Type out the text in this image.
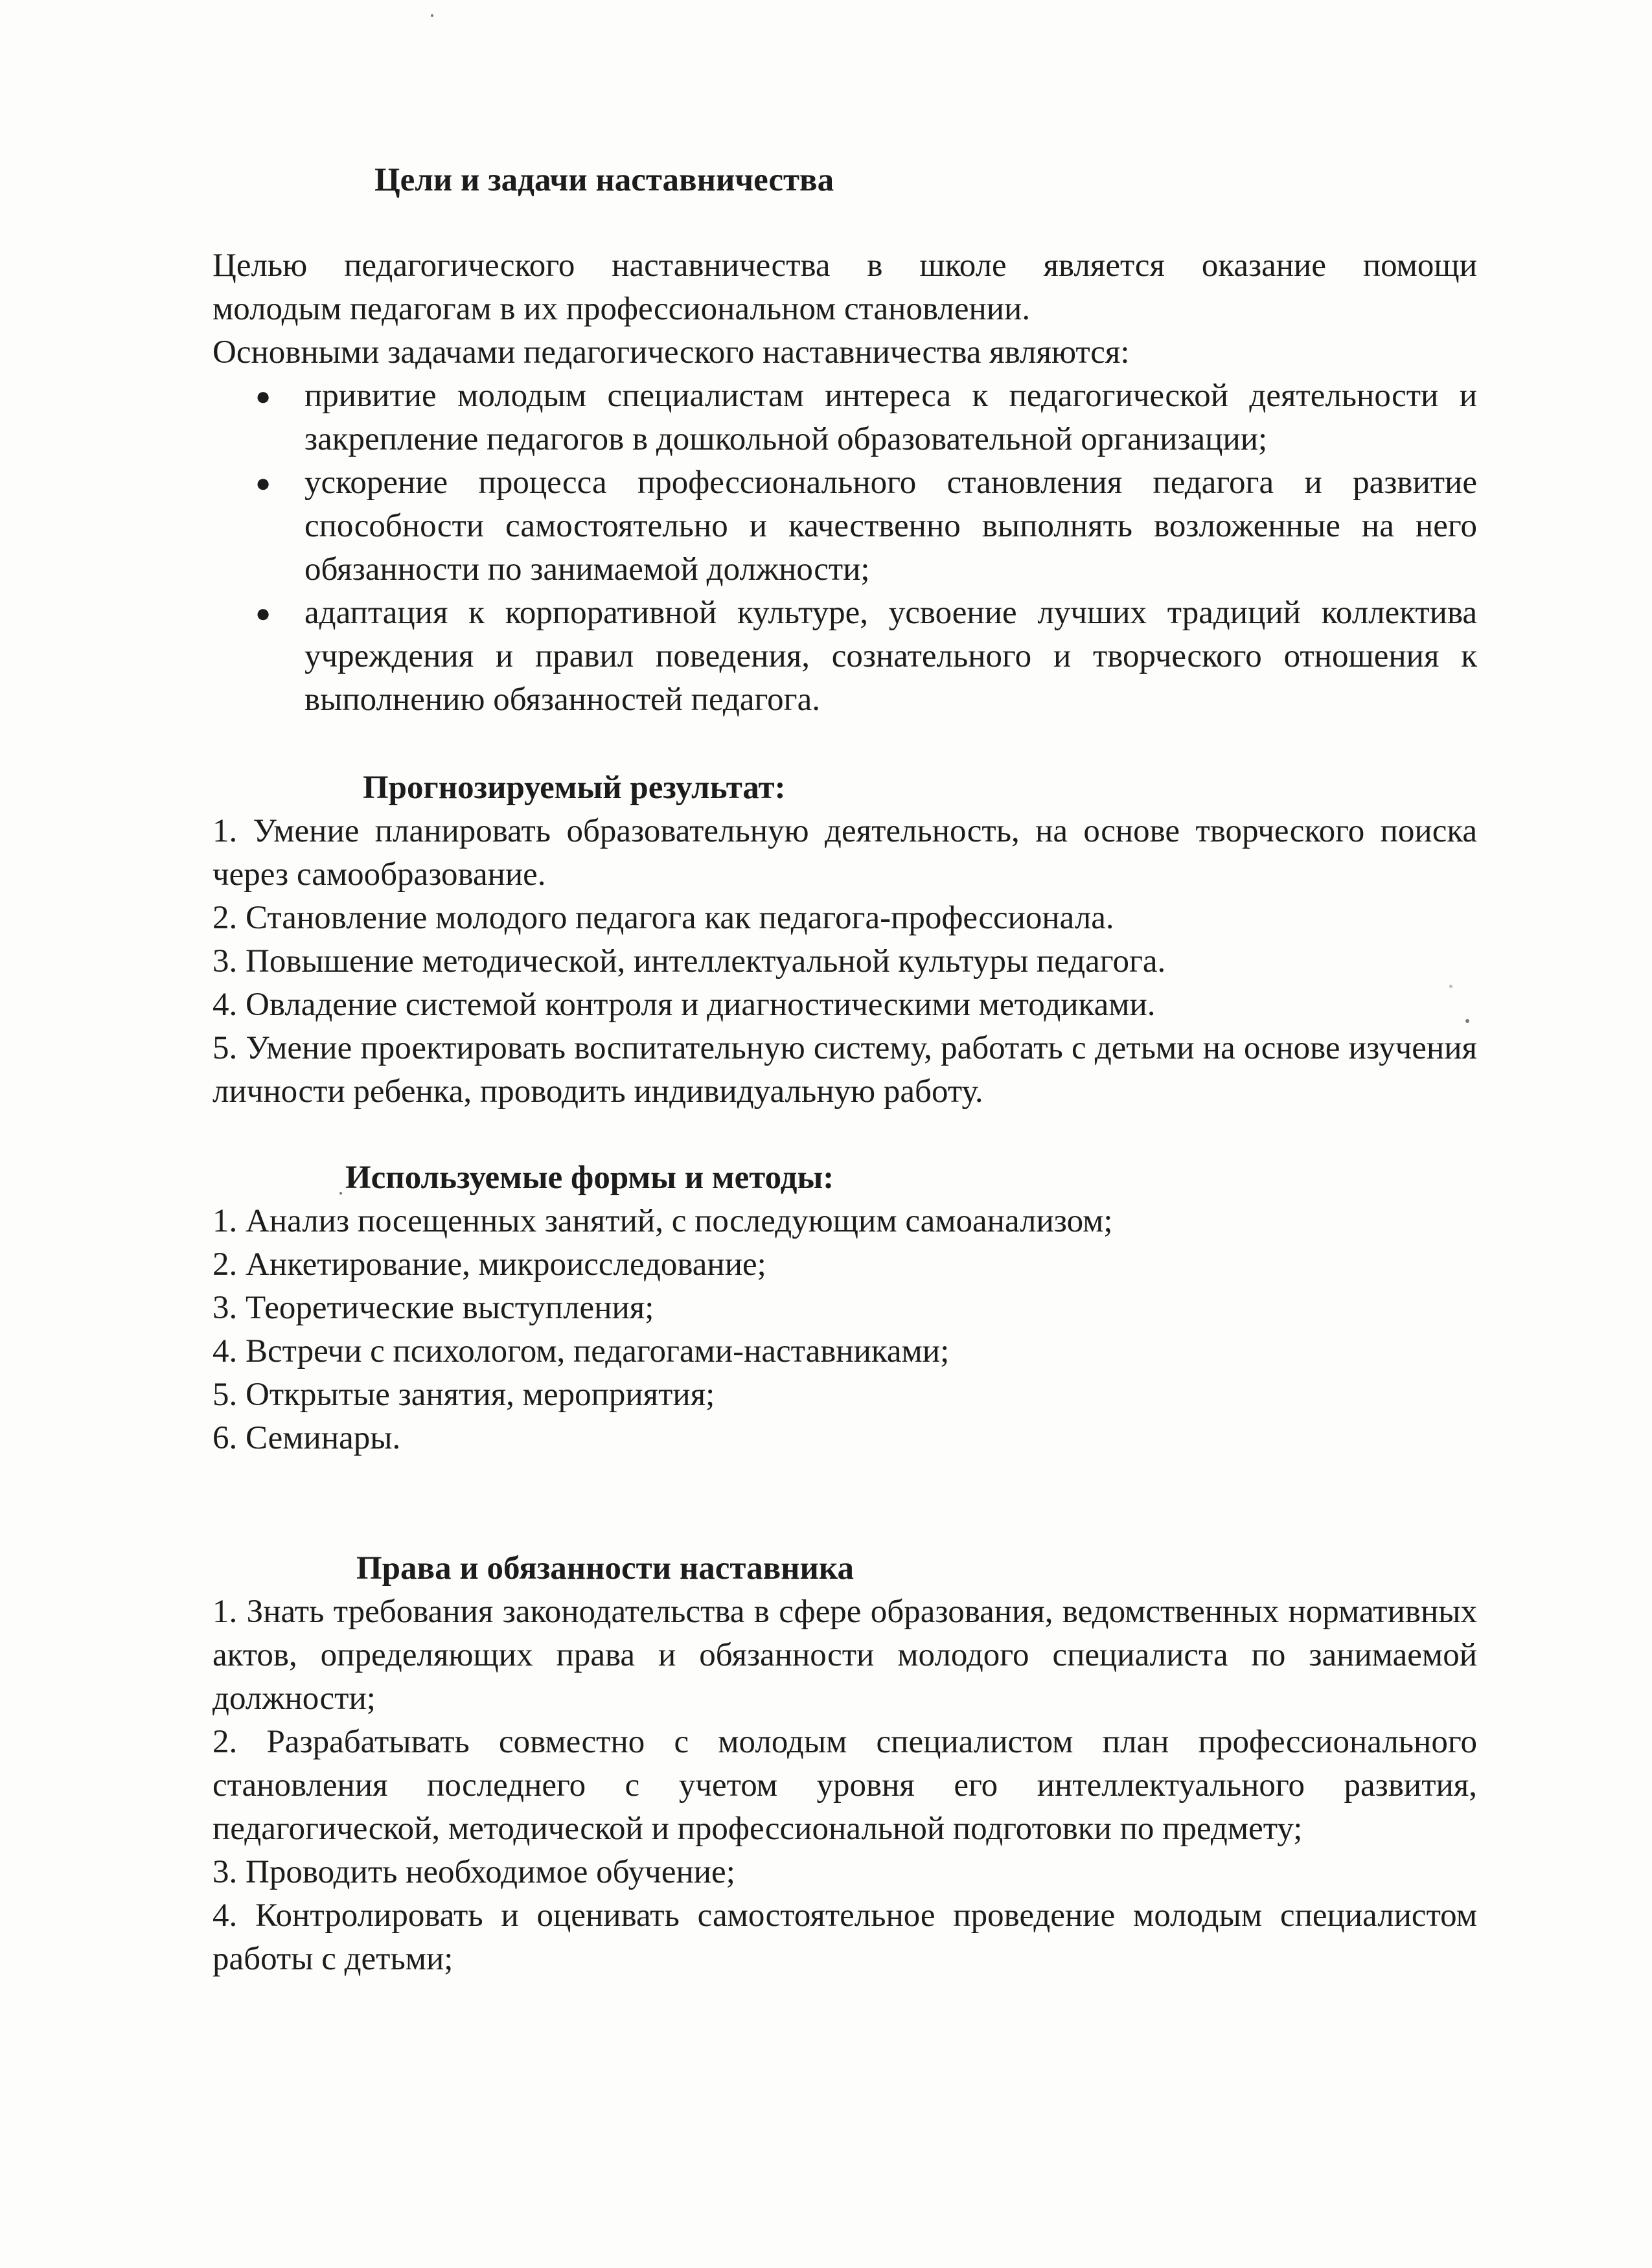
Цели и задачи наставничества

Целью педагогического наставничества в школе является оказание помощи

молодым педагогам в их профессиональном становлении.

Основными задачами педагогического наставничества являются:

● привитие молодым специалистам интереса к педагогической деятельности и закрепление педагогов в дошкольной образовательной организации;
● ускорение процесса профессионального становления педагога и развитие способности самостоятельно и качественно выполнять возложенные на него обязанности по занимаемой должности;
● адаптация к корпоративной культуре, усвоение лучших традиций коллектива учреждения и правил поведения, сознательного и творческого отношения к выполнению обязанностей педагога.

Прогнозируемый результат:

1. Умение планировать образовательную деятельность, на основе творческого поиска через самообразование.
2. Становление молодого педагога как педагога-профессионала.
3. Повышение методической, интеллектуальной культуры педагога.
4. Овладение системой контроля и диагностическими методиками.
5. Умение проектировать воспитательную систему, работать с детьми на основе изучения личности ребенка, проводить индивидуальную работу.

Используемые формы и методы:

1. Анализ посещенных занятий, с последующим самоанализом;
2. Анкетирование, микроисследование;
3. Теоретические выступления;
4. Встречи с психологом, педагогами-наставниками;
5. Открытые занятия, мероприятия;
6. Семинары.

Права и обязанности наставника

1. Знать требования законодательства в сфере образования, ведомственных нормативных актов, определяющих права и обязанности молодого специалиста по занимаемой должности;
2. Разрабатывать совместно с молодым специалистом план профессионального становления последнего с учетом уровня его интеллектуального развития, педагогической, методической и профессиональной подготовки по предмету;
3. Проводить необходимое обучение;
4. Контролировать и оценивать самостоятельное проведение молодым специалистом работы с детьми;
